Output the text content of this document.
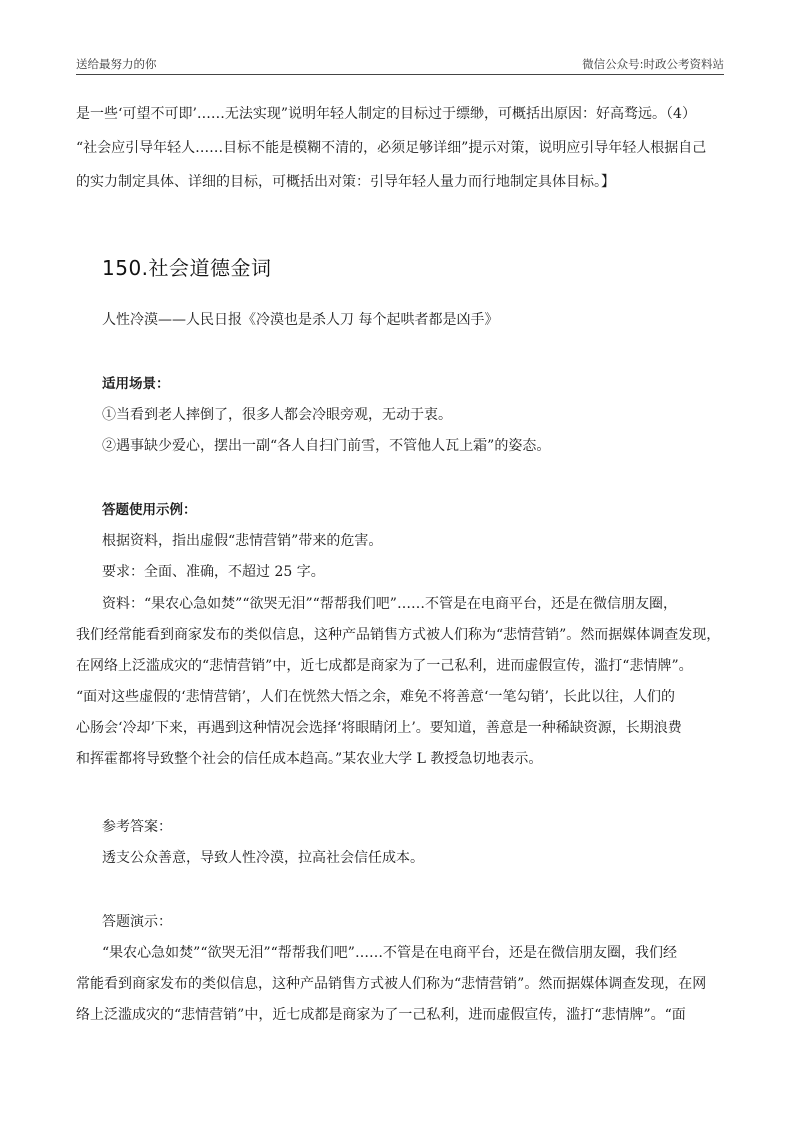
送给最努力的你	微信公众号:时政公考资料站
是一些‘可望不可即’……无法实现”说明年轻人制定的目标过于缥缈，可概括出原因：好高骛远。（4）
“社会应引导年轻人……目标不能是模糊不清的，必须足够详细”提示对策，说明应引导年轻人根据自己
的实力制定具体、详细的目标，可概括出对策：引导年轻人量力而行地制定具体目标。】
150.社会道德金词
人性冷漠——人民日报《冷漠也是杀人刀 每个起哄者都是凶手》
适用场景：
①当看到老人摔倒了，很多人都会冷眼旁观，无动于衷。
②遇事缺少爱心，摆出一副“各人自扫门前雪，不管他人瓦上霜”的姿态。
答题使用示例：
根据资料，指出虚假“悲情营销”带来的危害。
要求：全面、准确，不超过 25 字。
资料：“果农心急如焚”“欲哭无泪”“帮帮我们吧”……不管是在电商平台，还是在微信朋友圈，
我们经常能看到商家发布的类似信息，这种产品销售方式被人们称为“悲情营销”。然而据媒体调查发现，
在网络上泛滥成灾的“悲情营销”中，近七成都是商家为了一己私利，进而虚假宣传，滥打“悲情牌”。
“面对这些虚假的‘悲情营销’，人们在恍然大悟之余，难免不将善意‘一笔勾销’，长此以往，人们的
心肠会‘冷却’下来，再遇到这种情况会选择‘将眼睛闭上’。要知道，善意是一种稀缺资源，长期浪费
和挥霍都将导致整个社会的信任成本趋高。”某农业大学 L 教授急切地表示。
参考答案：
透支公众善意，导致人性冷漠，拉高社会信任成本。
答题演示：
“果农心急如焚”“欲哭无泪”“帮帮我们吧”……不管是在电商平台，还是在微信朋友圈，我们经
常能看到商家发布的类似信息，这种产品销售方式被人们称为“悲情营销”。然而据媒体调查发现，在网
络上泛滥成灾的“悲情营销”中，近七成都是商家为了一己私利，进而虚假宣传，滥打“悲情牌”。“面
